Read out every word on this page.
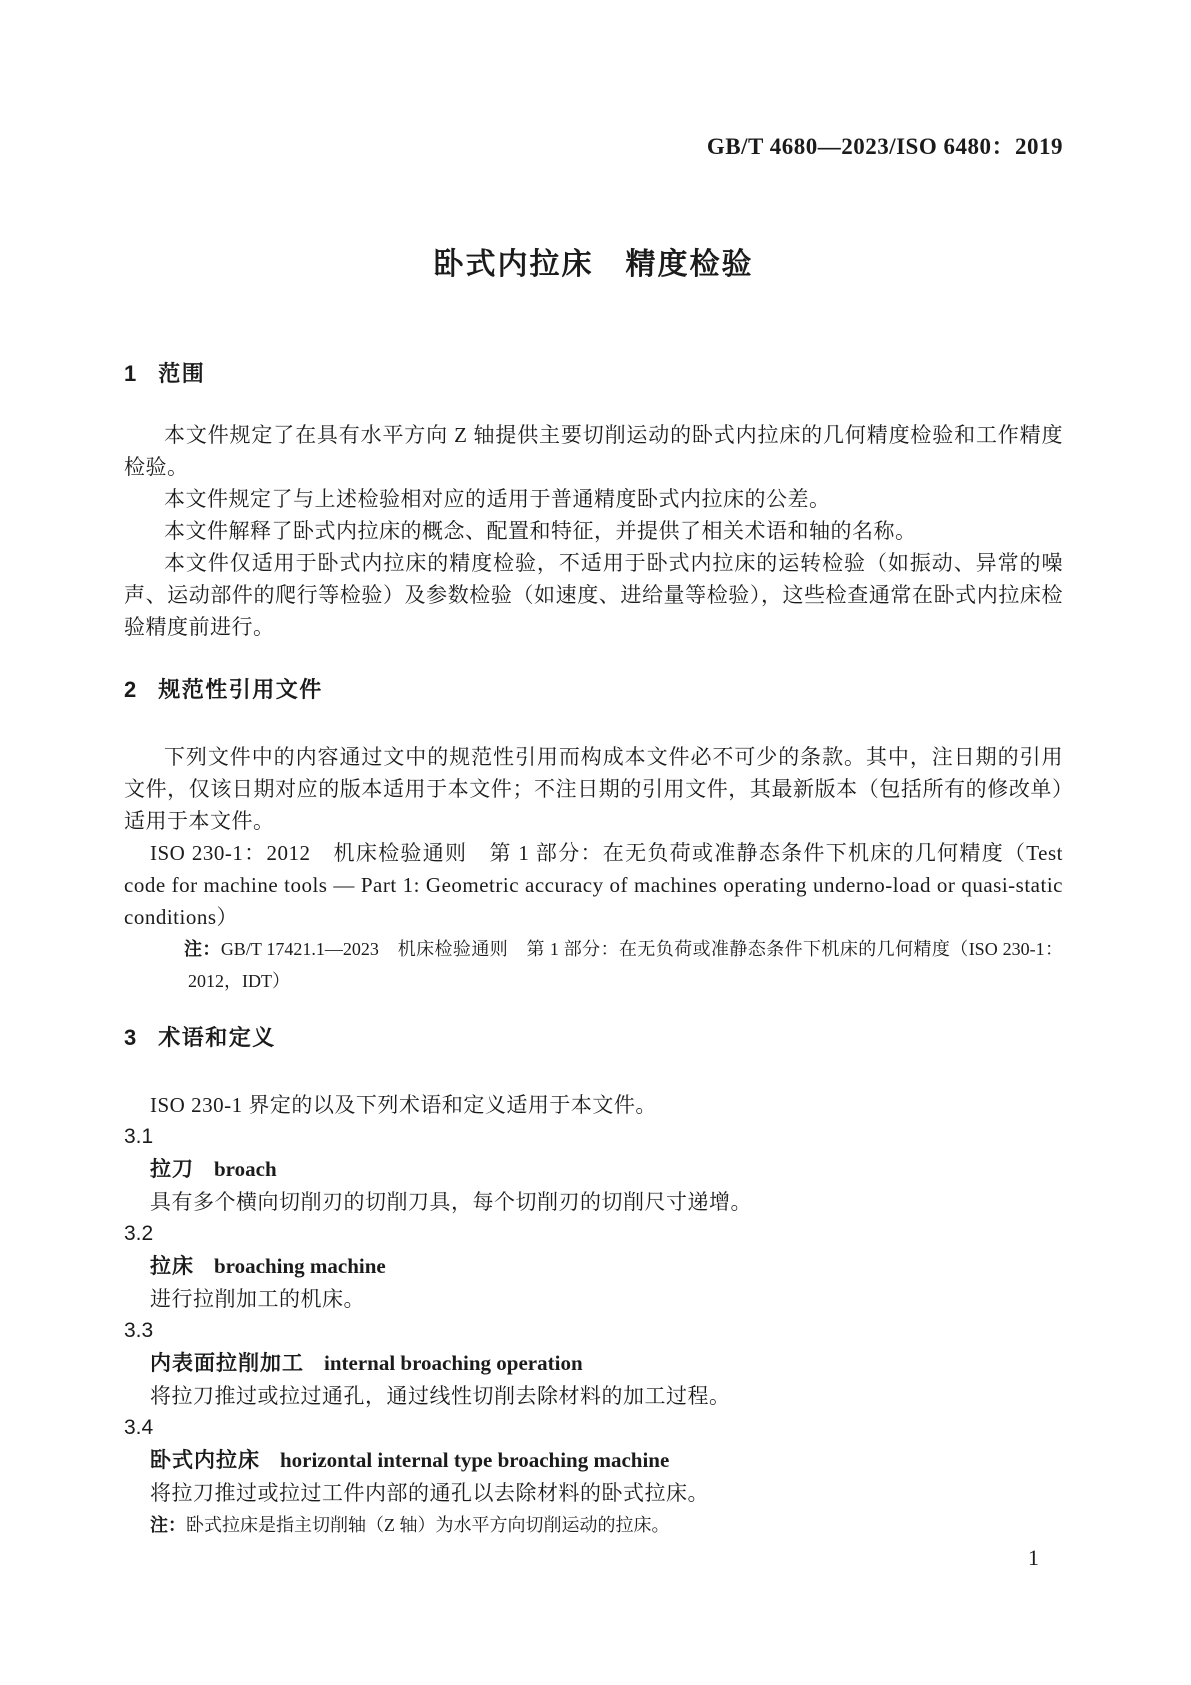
GB/T 4680—2023/ISO 6480：2019
卧式内拉床　精度检验
1 范围

本文件规定了在具有水平方向 Z 轴提供主要切削运动的卧式内拉床的几何精度检验和工作精度检验。

本文件规定了与上述检验相对应的适用于普通精度卧式内拉床的公差。

本文件解释了卧式内拉床的概念、配置和特征，并提供了相关术语和轴的名称。

本文件仅适用于卧式内拉床的精度检验，不适用于卧式内拉床的运转检验（如振动、异常的噪声、运动部件的爬行等检验）及参数检验（如速度、进给量等检验），这些检查通常在卧式内拉床检验精度前进行。

2 规范性引用文件

下列文件中的内容通过文中的规范性引用而构成本文件必不可少的条款。其中，注日期的引用文件，仅该日期对应的版本适用于本文件；不注日期的引用文件，其最新版本（包括所有的修改单）适用于本文件。

ISO 230-1：2012　机床检验通则　第 1 部分：在无负荷或准静态条件下机床的几何精度（Test code for machine tools — Part 1: Geometric accuracy of machines operating underno-load or quasi-static conditions）

注：GB/T 17421.1—2023　机床检验通则　第 1 部分：在无负荷或准静态条件下机床的几何精度（ISO 230-1：2012，IDT）

3 术语和定义

ISO 230-1 界定的以及下列术语和定义适用于本文件。

3.1
拉刀 broach
具有多个横向切削刃的切削刀具，每个切削刃的切削尺寸递增。
3.2
拉床 broaching machine
进行拉削加工的机床。
3.3
内表面拉削加工 internal broaching operation
将拉刀推过或拉过通孔，通过线性切削去除材料的加工过程。
3.4
卧式内拉床 horizontal internal type broaching machine
将拉刀推过或拉过工件内部的通孔以去除材料的卧式拉床。
注：卧式拉床是指主切削轴（Z 轴）为水平方向切削运动的拉床。
1
